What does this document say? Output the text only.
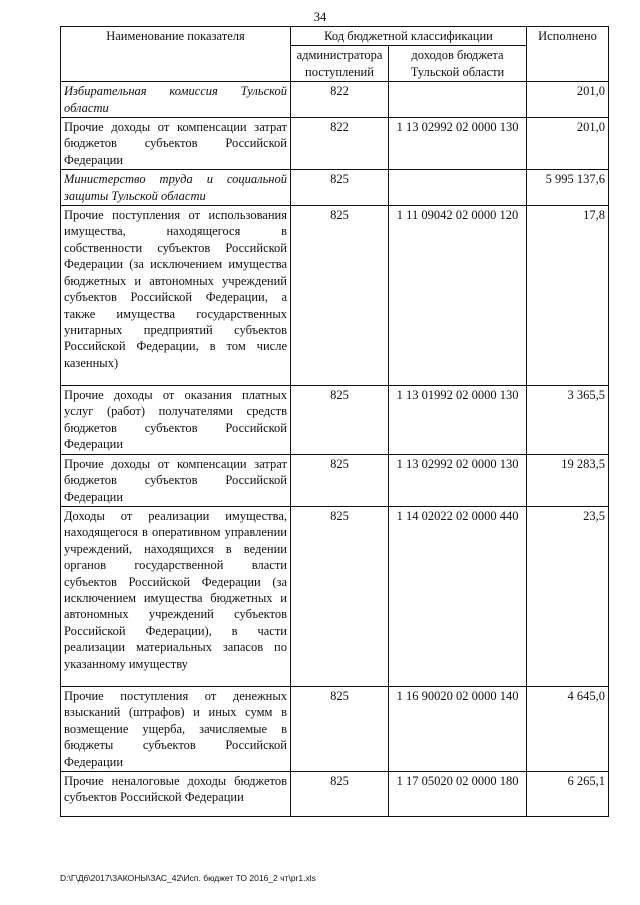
34
Наименование показателя	Код бюджетной классификации		Исполнено
	администратора поступлений	доходов бюджета Тульской области	
Избирательная комиссия Тульской области	822		201,0
Прочие доходы от компенсации затрат бюджетов субъектов Российской Федерации	822	1 13 02992 02 0000 130	201,0
Министерство труда и социальной защиты Тульской области	825		5 995 137,6
Прочие поступления от использования имущества, находящегося в собственности субъектов Российской Федерации (за исключением имущества бюджетных и автономных учреждений субъектов Российской Федерации, а также имущества государственных унитарных предприятий субъектов Российской Федерации, в том числе казенных)	825	1 11 09042 02 0000 120	17,8
Прочие доходы от оказания платных услуг (работ) получателями средств бюджетов субъектов Российской Федерации	825	1 13 01992 02 0000 130	3 365,5
Прочие доходы от компенсации затрат бюджетов субъектов Российской Федерации	825	1 13 02992 02 0000 130	19 283,5
Доходы от реализации имущества, находящегося в оперативном управлении учреждений, находящихся в ведении органов государственной власти субъектов Российской Федерации (за исключением имущества бюджетных и автономных учреждений субъектов Российской Федерации), в части реализации материальных запасов по указанному имуществу	825	1 14 02022 02 0000 440	23,5
Прочие поступления от денежных взысканий (штрафов) и иных сумм в возмещение ущерба, зачисляемые в бюджеты субъектов Российской Федерации	825	1 16 90020 02 0000 140	4 645,0
Прочие неналоговые доходы бюджетов субъектов Российской Федерации	825	1 17 05020 02 0000 180	6 265,1
D:\Г\Д6\2017\ЗАКОНЫ\ЗАС_42\Исп. бюджет ТО 2016_2 чт\pr1.xls
